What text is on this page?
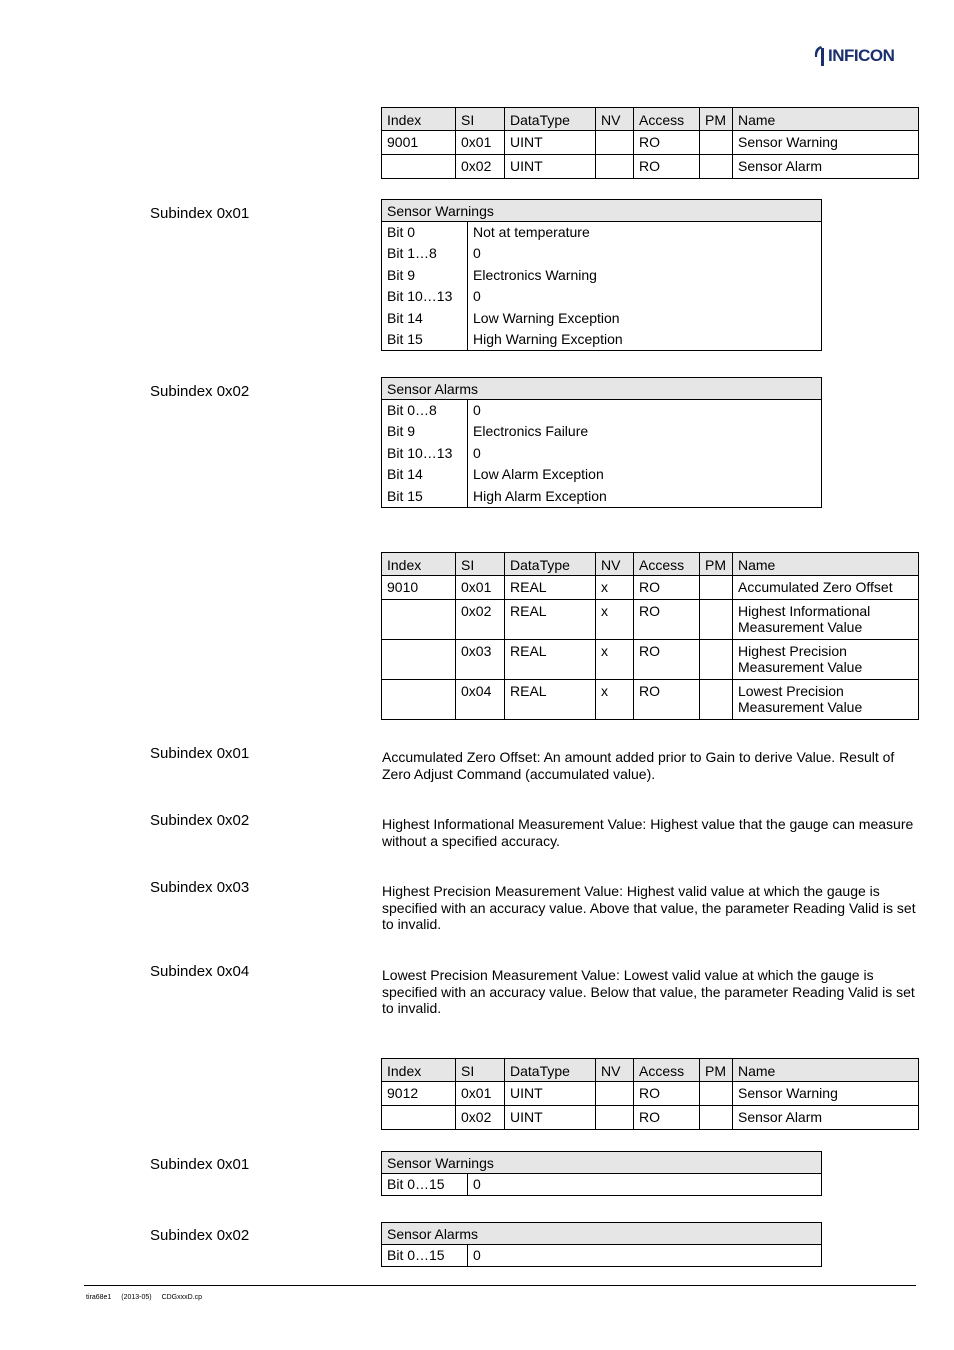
INFICON
Index	SI	DataType	NV	Access	PM	Name
9001	0x01	UINT		RO		Sensor Warning
	0x02	UINT		RO		Sensor Alarm
Subindex 0x01	Sensor Warnings	
Bit 0	Not at temperature
Bit 1…8	0
Bit 9	Electronics Warning
Bit 10…13	0
Bit 14	Low Warning Exception
Bit 15	High Warning Exception
Subindex 0x02	Sensor Alarms	
Bit 0…8	0
Bit 9	Electronics Failure
Bit 10…13	0
Bit 14	Low Alarm Exception
Bit 15	High Alarm Exception
Index	SI	DataType	NV	Access	PM	Name
9010	0x01	REAL	x	RO		Accumulated Zero Offset
	0x02	REAL	x	RO		Highest Informational Measurement Value
	0x03	REAL	x	RO		Highest Precision Measurement Value
	0x04	REAL	x	RO		Lowest Precision Measurement Value
Subindex 0x01	Accumulated Zero Offset: An amount added prior to Gain to derive Value. Result of Zero Adjust Command (accumulated value).
Subindex 0x02	Highest Informational Measurement Value: Highest value that the gauge can measure without a specified accuracy.
Subindex 0x03	Highest Precision Measurement Value: Highest valid value at which the gauge is specified with an accuracy value. Above that value, the parameter Reading Valid is set to invalid.
Subindex 0x04	Lowest Precision Measurement Value: Lowest valid value at which the gauge is specified with an accuracy value. Below that value, the parameter Reading Valid is set to invalid.
Index	SI	DataType	NV	Access	PM	Name
9012	0x01	UINT		RO		Sensor Warning
	0x02	UINT		RO		Sensor Alarm
Subindex 0x01	Sensor Warnings
Bit 0…15	0
Subindex 0x02	Sensor Alarms
Bit 0…15	0
tira68e1 (2013-05) CDGxxxD.cp
